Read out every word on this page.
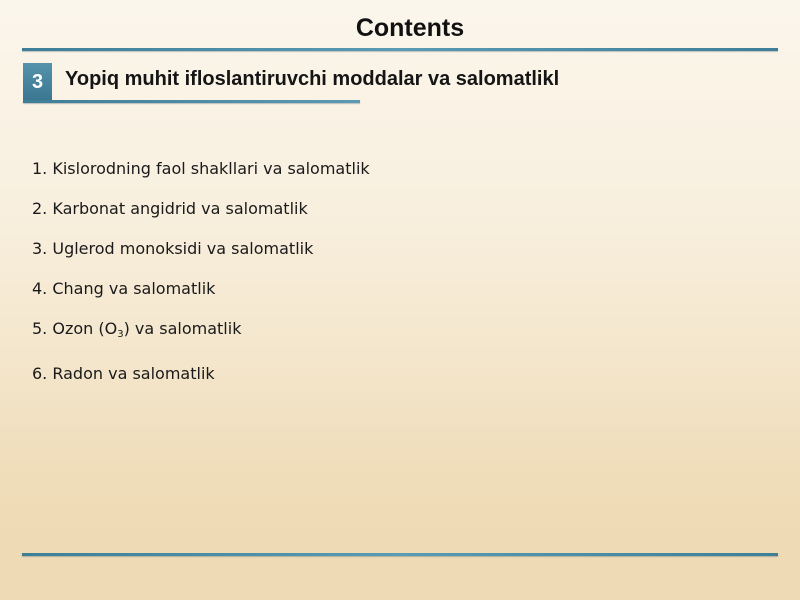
Contents
3	Yopiq muhit ifloslantiruvchi moddalar va salomatlikl
1. Kislorodning faol shakllari va salomatlik
2. Karbonat angidrid va salomatlik
3. Uglerod monoksidi va salomatlik
4. Chang va salomatlik
5. Ozon $(O_3)$ va salomatlik
6. Radon va salomatlik
